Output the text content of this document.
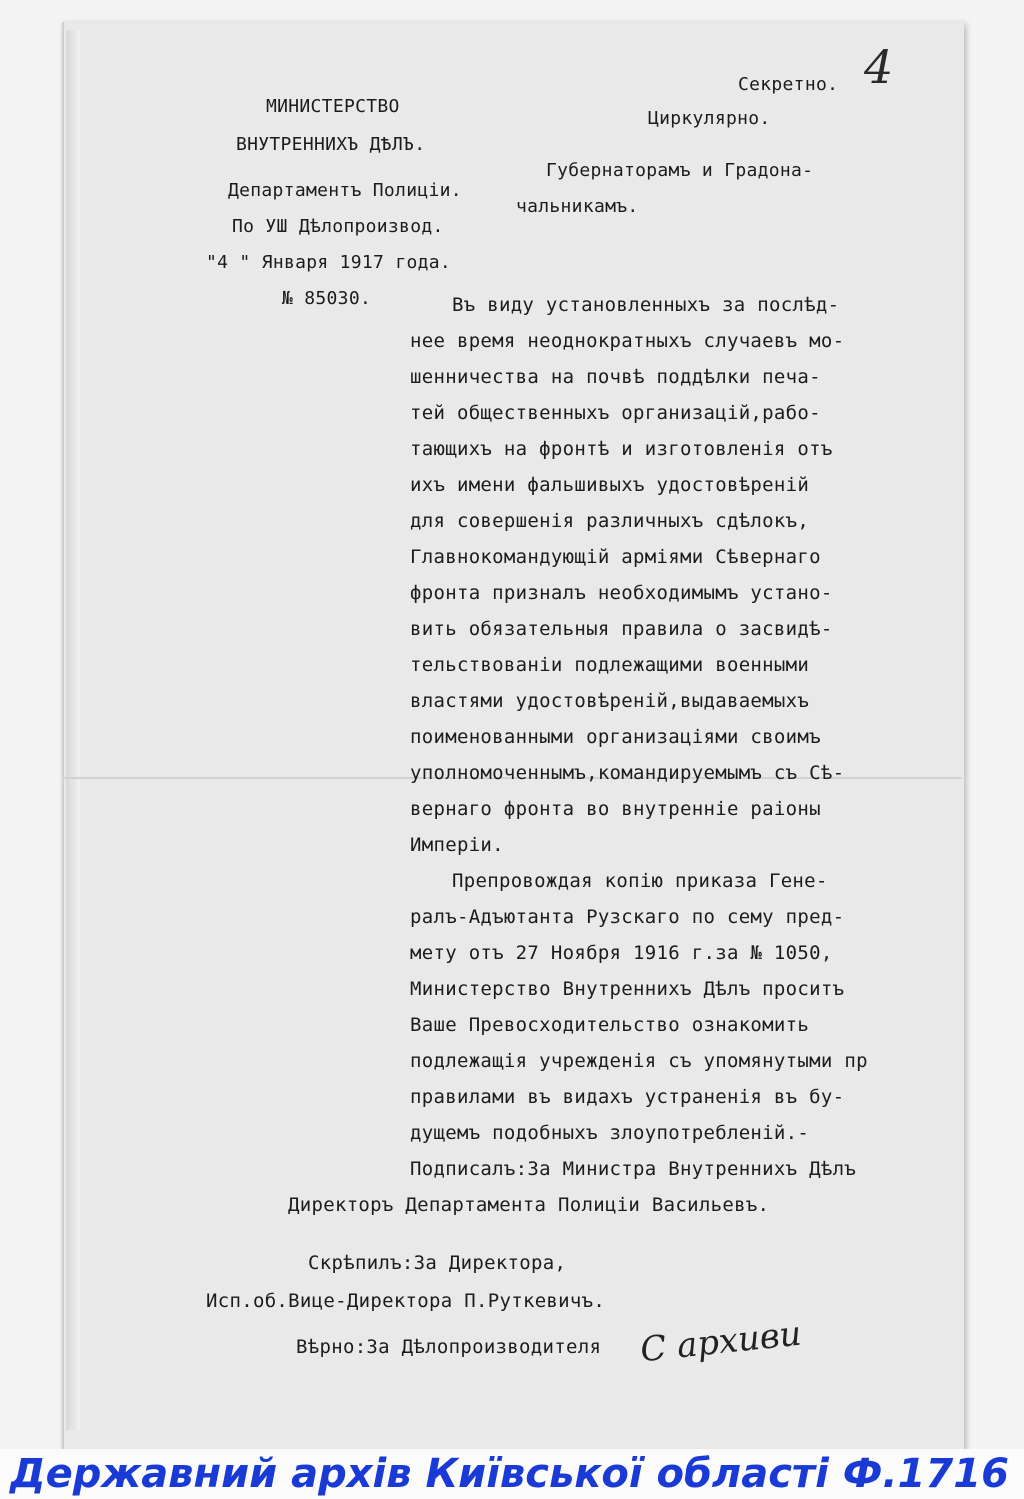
МИНИСТЕРСТВО
ВНУТРЕННИХЪ ДѢЛЪ.
Департаментъ Полиціи.
По УШ Дѣлопроизвод.
"4 " Января 1917 года.
№ 85030.
Секретно.
Циркулярно.
Губернаторамъ и Градона-
чальникамъ.
4
Въ виду установленныхъ за послѣд-
нее время неоднократныхъ случаевъ мо-
шенничества на почвѣ поддѣлки печа-
тей общественныхъ организацій,рабо-
тающихъ на фронтѣ и изготовленія отъ
ихъ имени фальшивыхъ удостовѣреній
для совершенія различныхъ сдѣлокъ,
Главнокомандующій арміями Сѣвернаго
фронта призналъ необходимымъ устано-
вить обязательныя правила о засвидѣ-
тельствованіи подлежащими военными
властями удостовѣреній,выдаваемыхъ
поименованными организаціями своимъ
уполномоченнымъ,командируемымъ съ Сѣ-
вернаго фронта во внутренніе раіоны
Имперіи.
Препровождая копію приказа Гене-
ралъ-Адъютанта Рузскаго по сему пред-
мету отъ 27 Ноября 1916 г.за № 1050,
Министерство Внутреннихъ Дѣлъ проситъ
Ваше Превосходительство ознакомить
подлежащія учрежденія съ упомянутыми пр
правилами въ видахъ устраненія въ бу-
дущемъ подобныхъ злоупотребленій.-
Подписалъ:За Министра Внутреннихъ Дѣлъ
Директоръ Департамента Полиціи Васильевъ.
Скрѣпилъ:За Директора,
Исп.об.Вице-Директора П.Руткевичъ.
Вѣрно:За Дѣлопроизводителя С архиви
Державний архів Київської області Ф.1716
